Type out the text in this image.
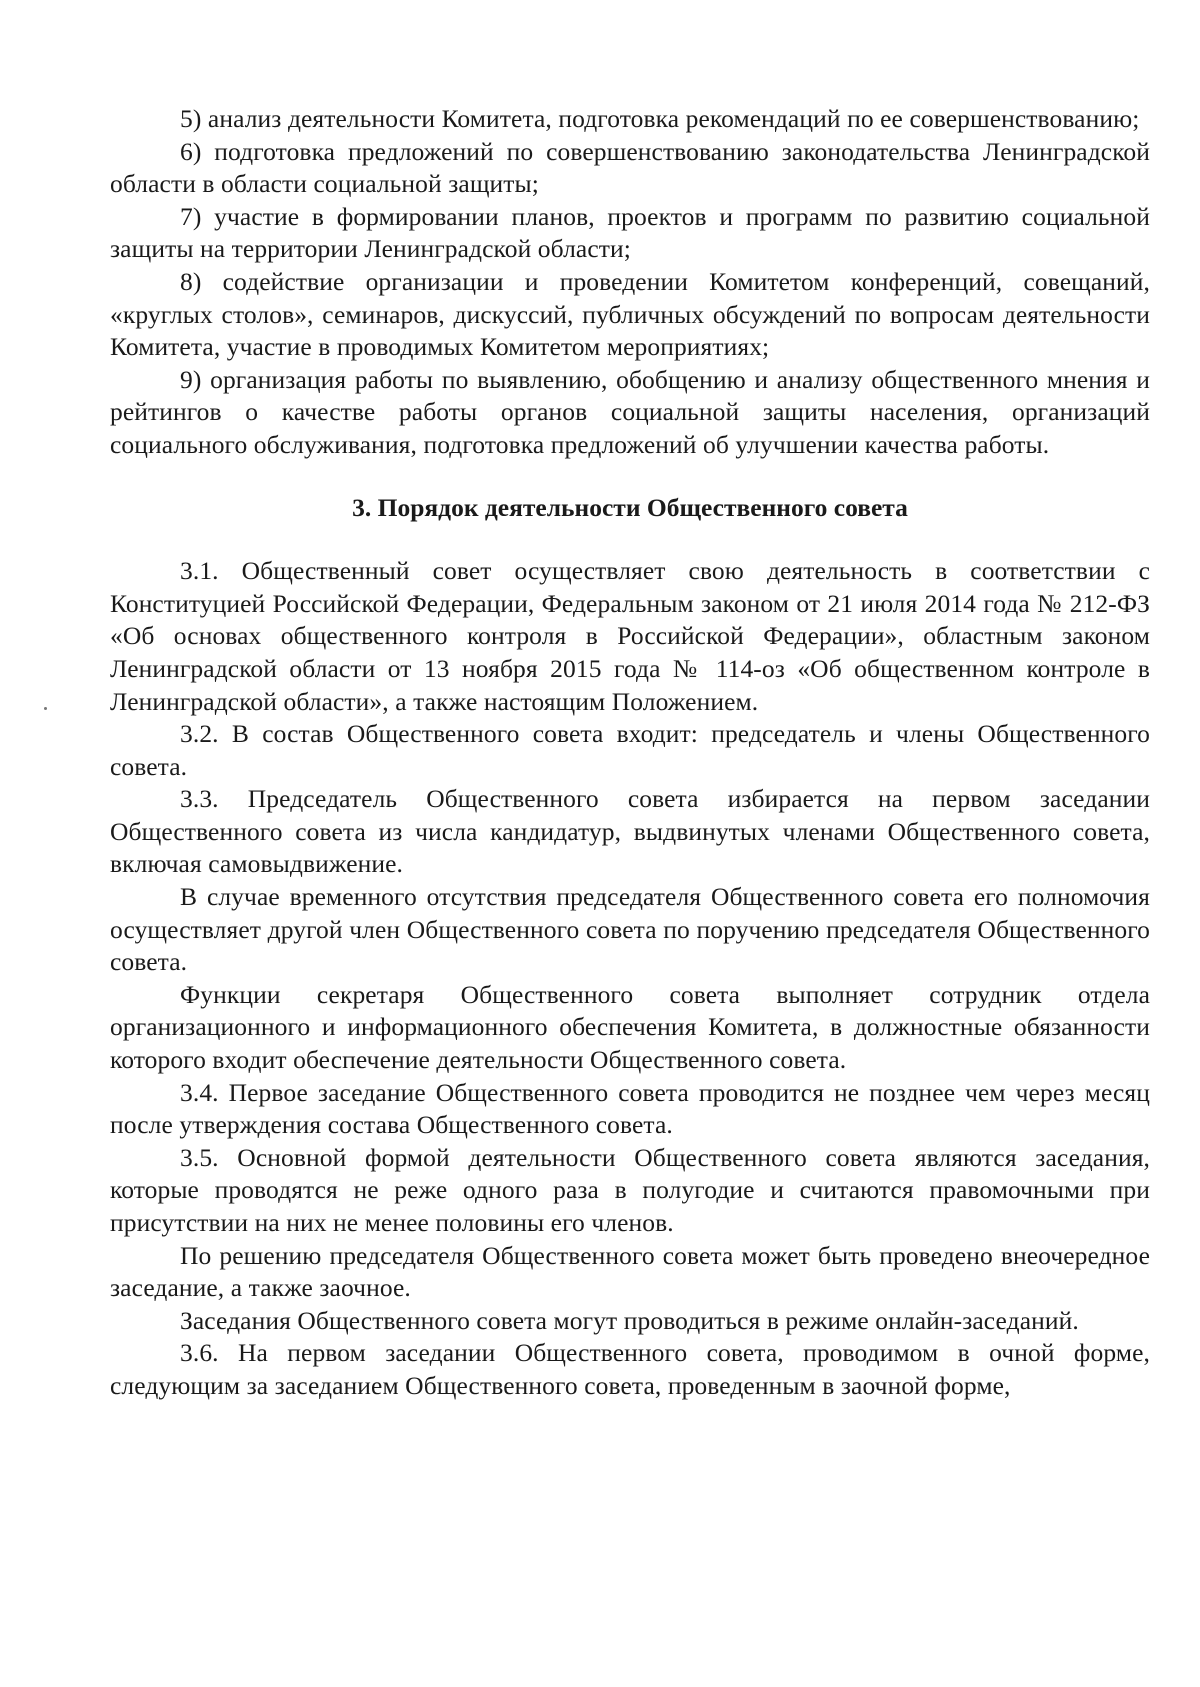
5) анализ деятельности Комитета, подготовка рекомендаций по ее совершенствованию;

6) подготовка предложений по совершенствованию законодательства Ленинградской области в области социальной защиты;

7) участие в формировании планов, проектов и программ по развитию социальной защиты на территории Ленинградской области;

8) содействие организации и проведении Комитетом конференций, совещаний, «круглых столов», семинаров, дискуссий, публичных обсуждений по вопросам деятельности Комитета, участие в проводимых Комитетом мероприятиях;

9) организация работы по выявлению, обобщению и анализу общественного мнения и рейтингов о качестве работы органов социальной защиты населения, организаций социального обслуживания, подготовка предложений об улучшении качества работы.

3. Порядок деятельности Общественного совета

3.1. Общественный совет осуществляет свою деятельность в соответствии с Конституцией Российской Федерации, Федеральным законом от 21 июля 2014 года № 212-ФЗ «Об основах общественного контроля в Российской Федерации», областным законом Ленинградской области от 13 ноября 2015 года № 114-оз «Об общественном контроле в Ленинградской области», а также настоящим Положением.

3.2. В состав Общественного совета входит: председатель и члены Общественного совета.

3.3. Председатель Общественного совета избирается на первом заседании Общественного совета из числа кандидатур, выдвинутых членами Общественного совета, включая самовыдвижение.

В случае временного отсутствия председателя Общественного совета его полномочия осуществляет другой член Общественного совета по поручению председателя Общественного совета.

Функции секретаря Общественного совета выполняет сотрудник отдела организационного и информационного обеспечения Комитета, в должностные обязанности которого входит обеспечение деятельности Общественного совета.

3.4. Первое заседание Общественного совета проводится не позднее чем через месяц после утверждения состава Общественного совета.

3.5. Основной формой деятельности Общественного совета являются заседания, которые проводятся не реже одного раза в полугодие и считаются правомочными при присутствии на них не менее половины его членов.

По решению председателя Общественного совета может быть проведено внеочередное заседание, а также заочное.

Заседания Общественного совета могут проводиться в режиме онлайн-заседаний.

3.6. На первом заседании Общественного совета, проводимом в очной форме, следующим за заседанием Общественного совета, проведенным в заочной форме,
